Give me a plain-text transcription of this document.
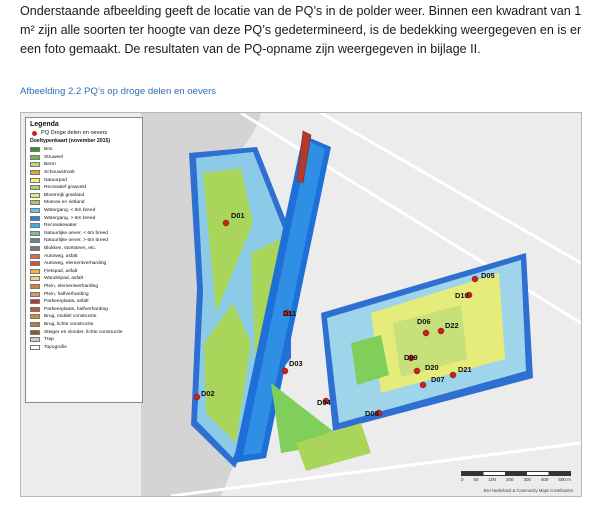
Onderstaande afbeelding geeft de locatie van de PQ’s in de polder weer. Binnen een kwadrant van 1 m² zijn alle soorten ter hoogte van deze PQ’s gedetermineerd, is de bedekking weergegeven en is er een foto gemaakt. De resultaten van de PQ-opname zijn weergegeven in bijlage II.
Afbeelding 2.2 PQ’s op droge delen en oevers
D01
D02
D03
D04
D05
D06
D07
D08
D09
D10
D11
D20	D21
D22
Legenda
PQ Droge delen en oevers
Doeltypenkaart (november 2015)
Bos
Struweel
Berm
Schouwstrook
Natuurpad
Recreatief grasveld
Bloemrijk grasland
Moeras en rietland
Watergang, < 6m breed
Watergang, > 6m breed
Recreatiewater
Natuurlijke oever, < 6m breed
Natuurlijke oever, > 6m breed
Blokken, stortsteen, etc.
Autoweg, asfalt
Autoweg, elementverharding
Fietspad, asfalt
Wandelpad, asfalt
Plein, elementverharding
Plein, halfverharding
Parkeerplaats, asfalt
Parkeerplaats, halfverharding
Brug, middel constructie
Brug, lichte constructie
Steiger en vlonder, lichte constructie
Trap
Topografie
0 50 100 200 300 400 500 m
Esri Nederland & Community Maps Contributors
